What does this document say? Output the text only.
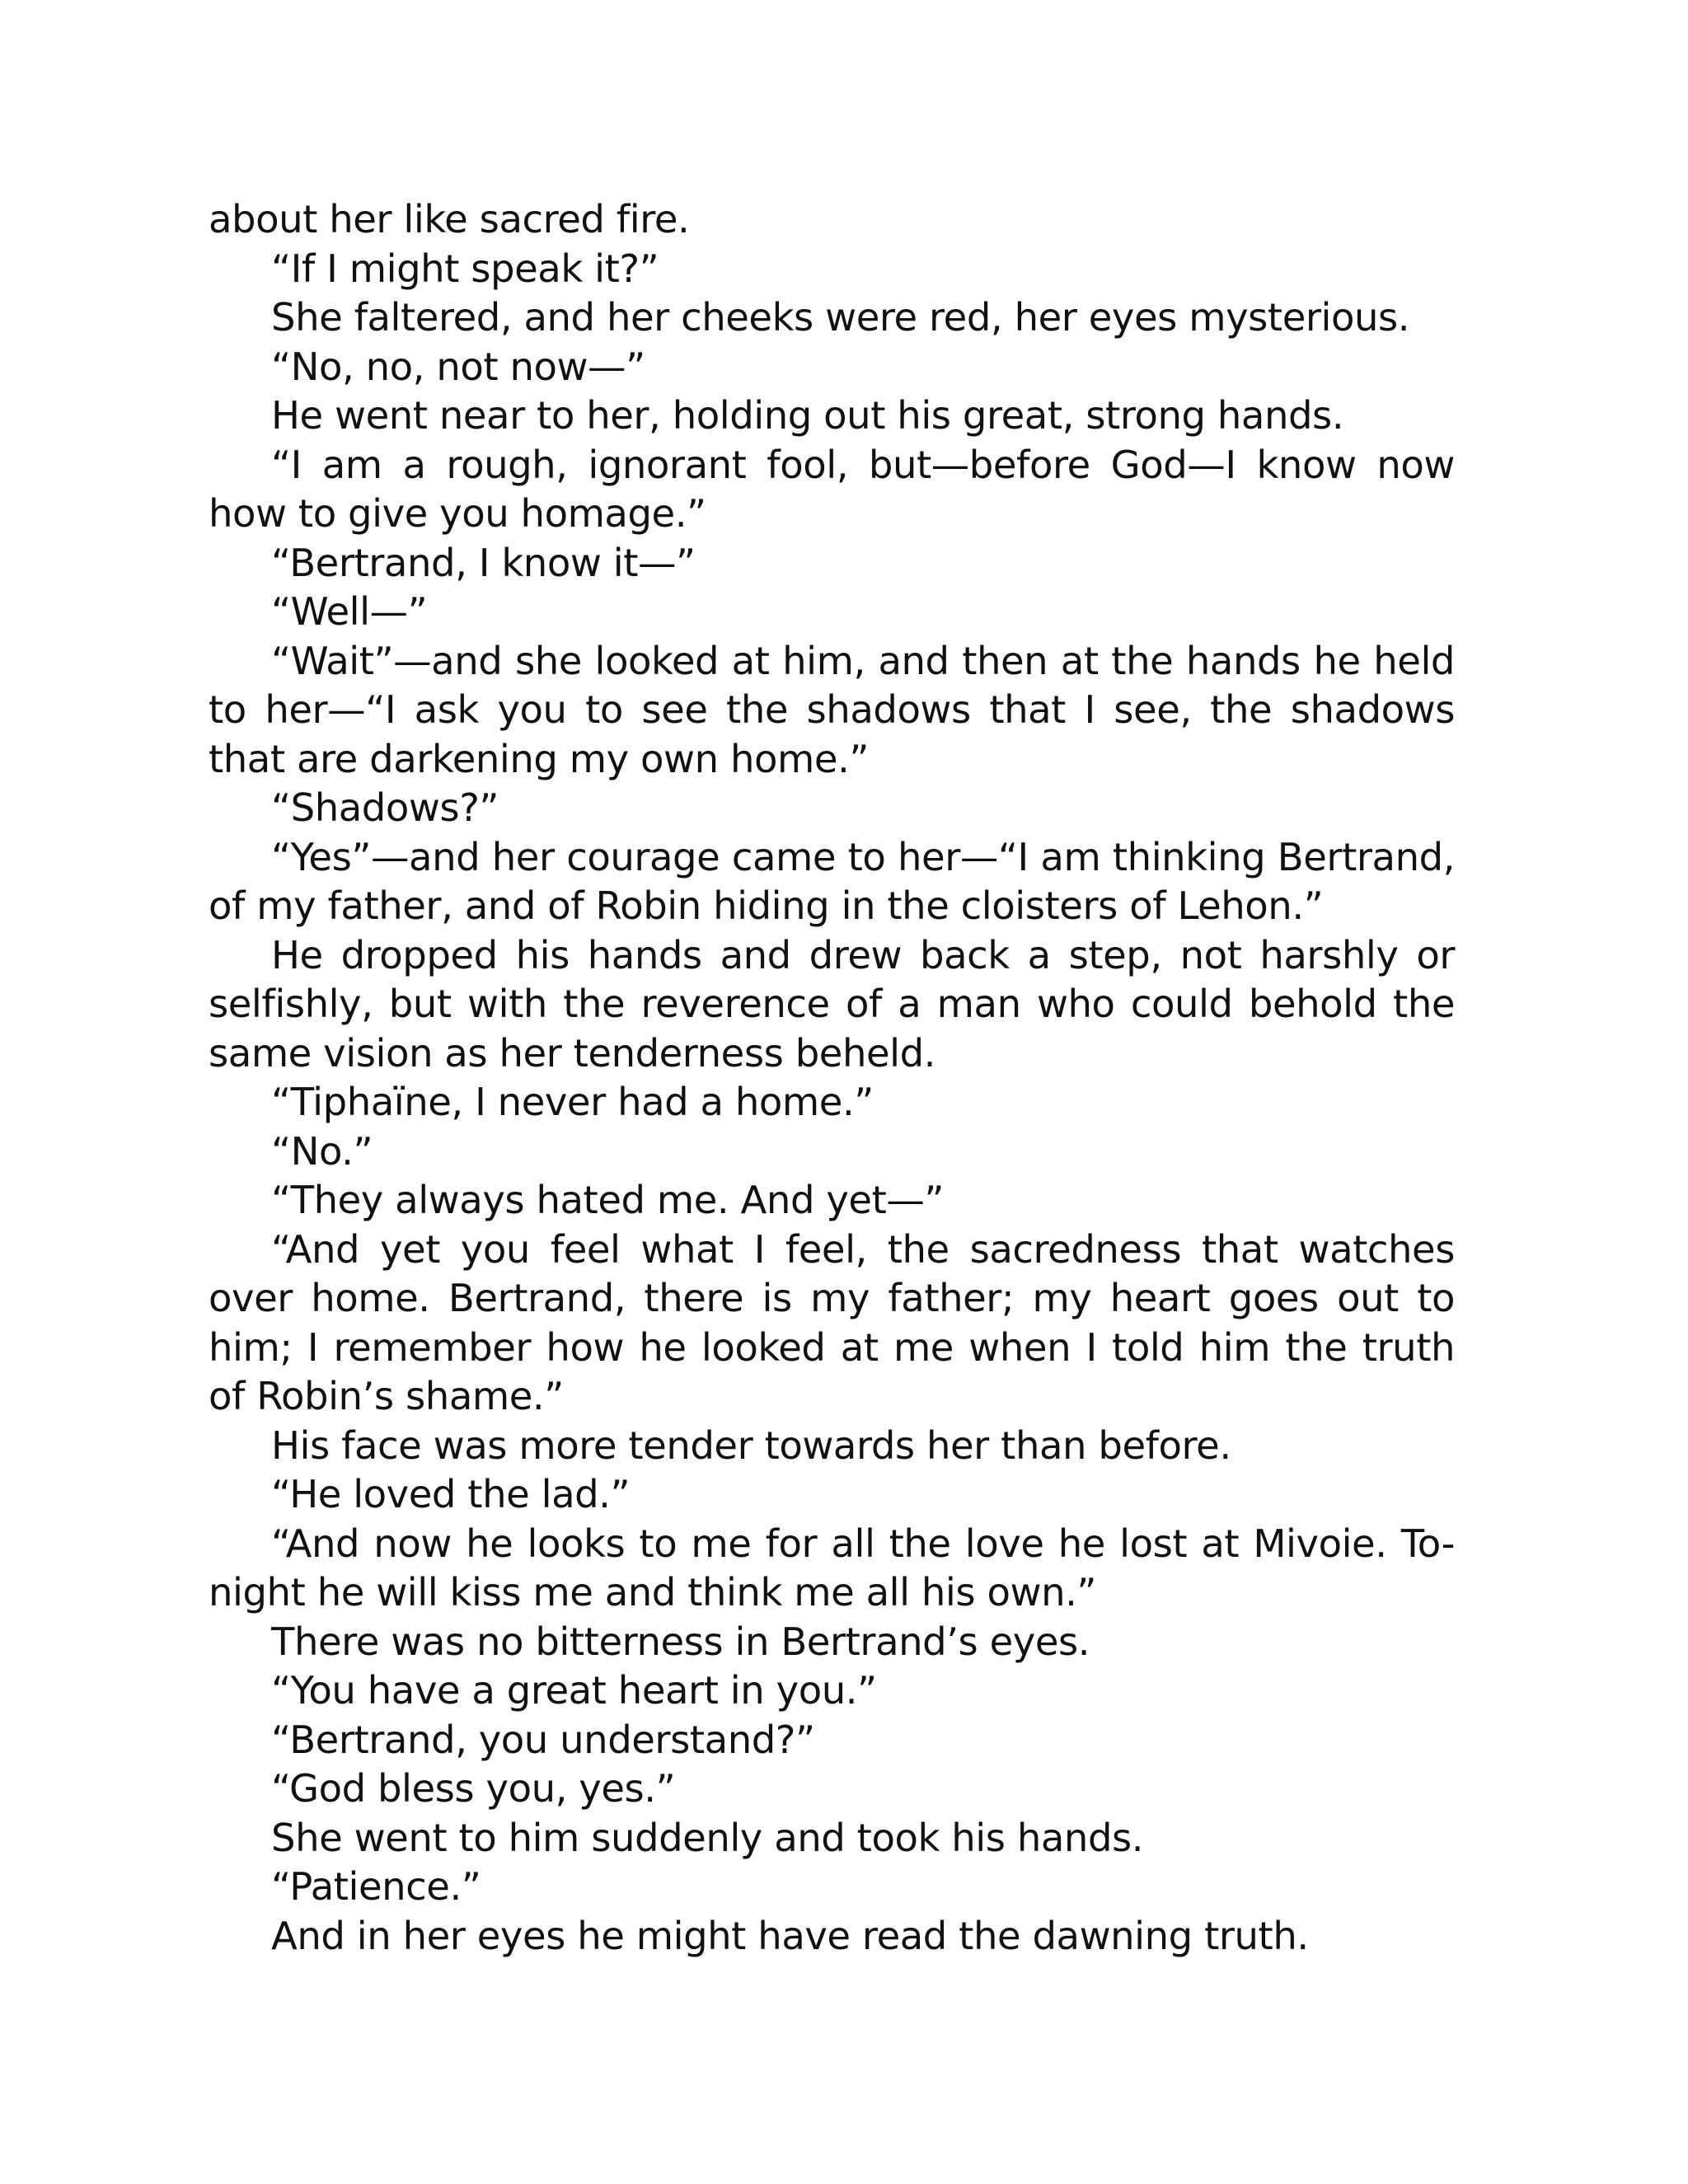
about her like sacred fire.

“If I might speak it?”

She faltered, and her cheeks were red, her eyes mysterious.

“No, no, not now—”

He went near to her, holding out his great, strong hands.

“I am a rough, ignorant fool, but—before God—I know now how to give you homage.”

“Bertrand, I know it—”

“Well—”

“Wait”—and she looked at him, and then at the hands he held to her—“I ask you to see the shadows that I see, the shadows that are darkening my own home.”

“Shadows?”

“Yes”—and her courage came to her—“I am thinking Bertrand, of my father, and of Robin hiding in the cloisters of Lehon.”

He dropped his hands and drew back a step, not harshly or selfishly, but with the reverence of a man who could behold the same vision as her tenderness beheld.

“Tiphaïne, I never had a home.”

“No.”

“They always hated me. And yet—”

“And yet you feel what I feel, the sacredness that watches over home. Bertrand, there is my father; my heart goes out to him; I remember how he looked at me when I told him the truth of Robin’s shame.”

His face was more tender towards her than before.

“He loved the lad.”

“And now he looks to me for all the love he lost at Mivoie. To-night he will kiss me and think me all his own.”

There was no bitterness in Bertrand’s eyes.

“You have a great heart in you.”

“Bertrand, you understand?”

“God bless you, yes.”

She went to him suddenly and took his hands.

“Patience.”

And in her eyes he might have read the dawning truth.
